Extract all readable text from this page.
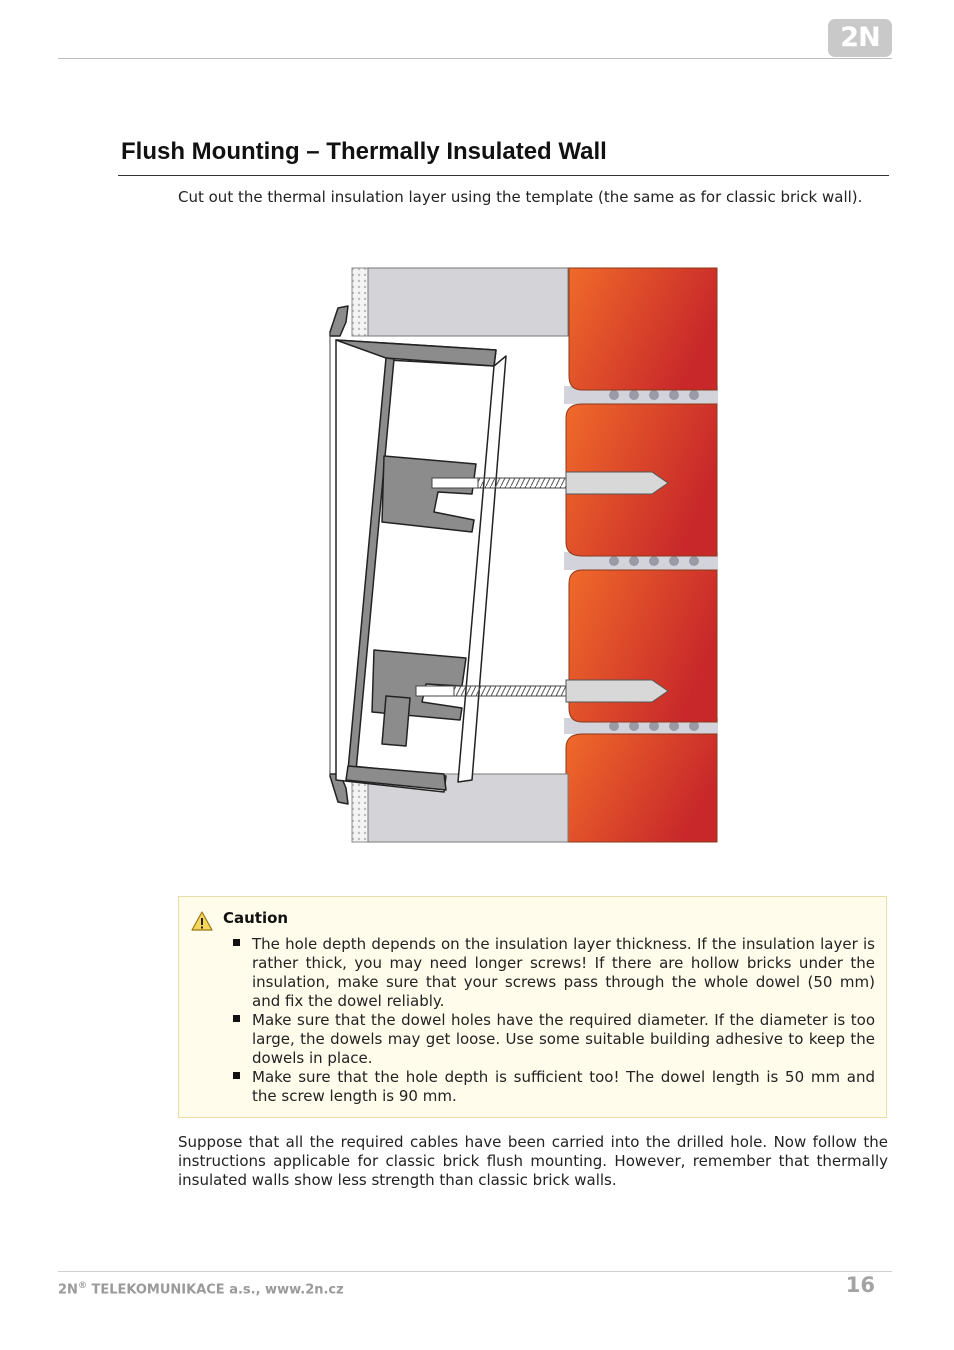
2N
Flush Mounting – Thermally Insulated Wall

Cut out the thermal insulation layer using the template (the same as for classic brick wall).

Caution
The hole depth depends on the insulation layer thickness. If the insulation layer is rather thick, you may need longer screws! If there are hollow bricks under the insulation, make sure that your screws pass through the whole dowel (50 mm) and fix the dowel reliably.
Make sure that the dowel holes have the required diameter. If the diameter is too large, the dowels may get loose. Use some suitable building adhesive to keep the dowels in place.
Make sure that the hole depth is sufficient too! The dowel length is 50 mm and the screw length is 90 mm.

Suppose that all the required cables have been carried into the drilled hole. Now follow the instructions applicable for classic brick flush mounting. However, remember that thermally insulated walls show less strength than classic brick walls.

2N® TELEKOMUNIKACE a.s., www.2n.cz	16
